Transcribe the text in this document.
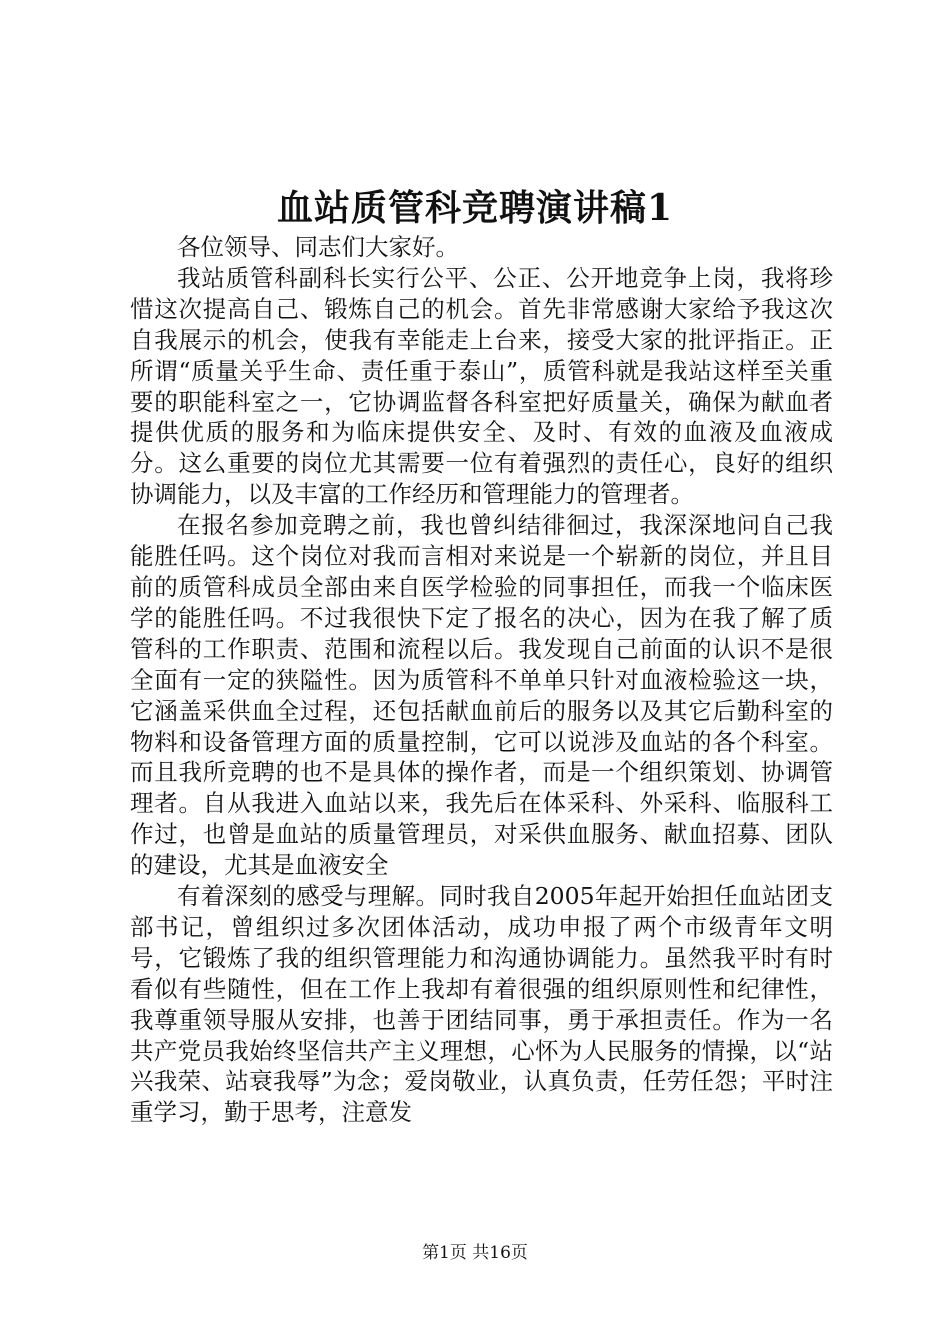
血站质管科竞聘演讲稿1

各位领导、同志们大家好。

我站质管科副科长实行公平、公正、公开地竞争上岗，我将珍惜这次提高自己、锻炼自己的机会。首先非常感谢大家给予我这次自我展示的机会，使我有幸能走上台来，接受大家的批评指正。正所谓“质量关乎生命、责任重于泰山”，质管科就是我站这样至关重要的职能科室之一，它协调监督各科室把好质量关，确保为献血者提供优质的服务和为临床提供安全、及时、有效的血液及血液成分。这么重要的岗位尤其需要一位有着强烈的责任心，良好的组织协调能力，以及丰富的工作经历和管理能力的管理者。

在报名参加竞聘之前，我也曾纠结徘徊过，我深深地问自己我能胜任吗。这个岗位对我而言相对来说是一个崭新的岗位，并且目前的质管科成员全部由来自医学检验的同事担任，而我一个临床医学的能胜任吗。不过我很快下定了报名的决心，因为在我了解了质管科的工作职责、范围和流程以后。我发现自己前面的认识不是很全面有一定的狭隘性。因为质管科不单单只针对血液检验这一块，它涵盖采供血全过程，还包括献血前后的服务以及其它后勤科室的物料和设备管理方面的质量控制，它可以说涉及血站的各个科室。而且我所竞聘的也不是具体的操作者，而是一个组织策划、协调管理者。自从我进入血站以来，我先后在体采科、外采科、临服科工作过，也曾是血站的质量管理员，对采供血服务、献血招募、团队的建设，尤其是血液安全

有着深刻的感受与理解。同时我自2005年起开始担任血站团支部书记，曾组织过多次团体活动，成功申报了两个市级青年文明号，它锻炼了我的组织管理能力和沟通协调能力。虽然我平时有时看似有些随性，但在工作上我却有着很强的组织原则性和纪律性，我尊重领导服从安排，也善于团结同事，勇于承担责任。作为一名共产党员我始终坚信共产主义理想，心怀为人民服务的情操，以“站兴我荣、站衰我辱”为念；爱岗敬业，认真负责，任劳任怨；平时注重学习，勤于思考，注意发

第1页 共16页
